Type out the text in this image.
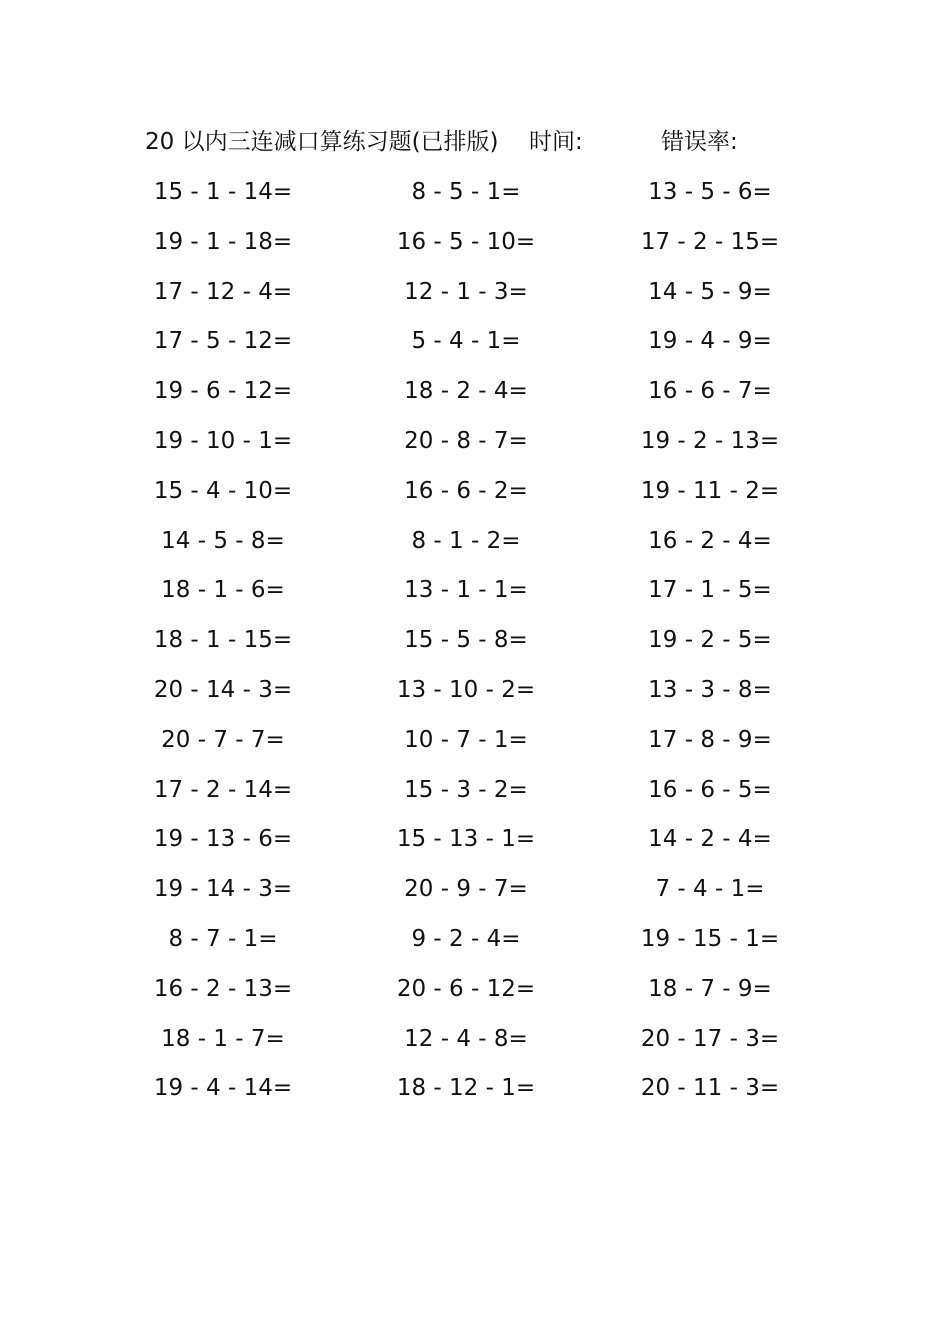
20 以内三连减口算练习题(已排版) 时间:	错误率:
15 - 1 - 14=	8 - 5 - 1=	13 - 5 - 6=
19 - 1 - 18=	16 - 5 - 10=	17 - 2 - 15=
17 - 12 - 4=	12 - 1 - 3=	14 - 5 - 9=
17 - 5 - 12=	5 - 4 - 1=	19 - 4 - 9=
19 - 6 - 12=	18 - 2 - 4=	16 - 6 - 7=
19 - 10 - 1=	20 - 8 - 7=	19 - 2 - 13=
15 - 4 - 10=	16 - 6 - 2=	19 - 11 - 2=
14 - 5 - 8=	8 - 1 - 2=	16 - 2 - 4=
18 - 1 - 6=	13 - 1 - 1=	17 - 1 - 5=
18 - 1 - 15=	15 - 5 - 8=	19 - 2 - 5=
20 - 14 - 3=	13 - 10 - 2=	13 - 3 - 8=
20 - 7 - 7=	10 - 7 - 1=	17 - 8 - 9=
17 - 2 - 14=	15 - 3 - 2=	16 - 6 - 5=
19 - 13 - 6=	15 - 13 - 1=	14 - 2 - 4=
19 - 14 - 3=	20 - 9 - 7=	7 - 4 - 1=
8 - 7 - 1=	9 - 2 - 4=	19 - 15 - 1=
16 - 2 - 13=	20 - 6 - 12=	18 - 7 - 9=
18 - 1 - 7=	12 - 4 - 8=	20 - 17 - 3=
19 - 4 - 14=	18 - 12 - 1=	20 - 11 - 3=
